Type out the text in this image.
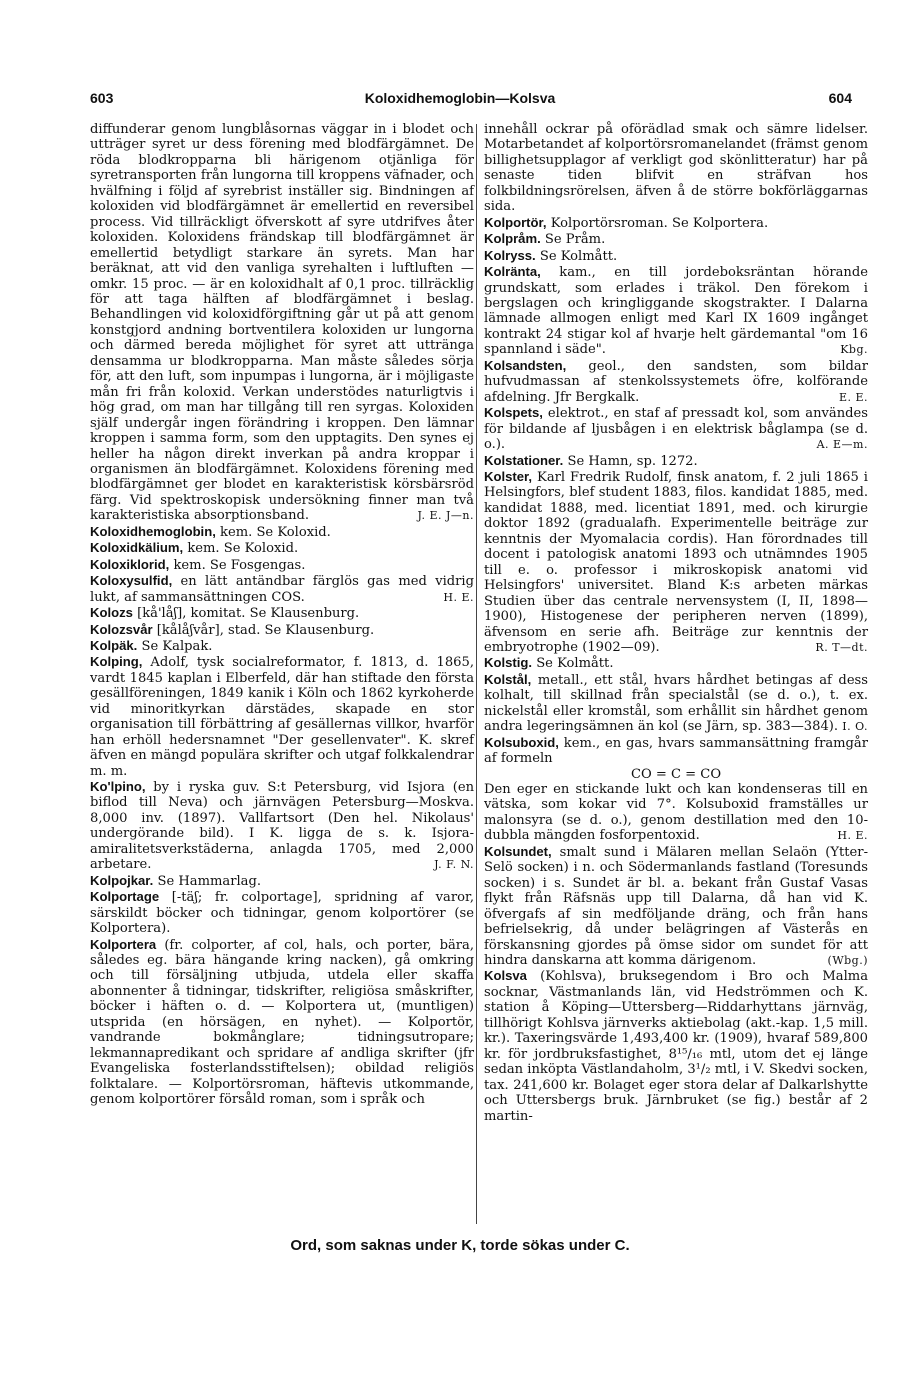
603	Koloxidhemoglobin—Kolsva	604

diffunderar genom lungblåsornas väggar in i blodet och utträger syret ur dess förening med blodfärgämnet. De röda blodkropparna bli härigenom otjänliga för syretransporten från lungorna till kroppens väfnader, och hvälfning i följd af syrebrist inställer sig. Bindningen af koloxiden vid blodfärgämnet är emellertid en reversibel process. Vid tillräckligt öfverskott af syre utdrifves åter koloxiden. Koloxidens frändskap till blodfärgämnet är emellertid betydligt starkare än syrets. Man har beräknat, att vid den vanliga syrehalten i luftluften — omkr. 15 proc. — är en koloxidhalt af 0,1 proc. tillräcklig för att taga hälften af blodfärgämnet i beslag. Behandlingen vid koloxidförgiftning går ut på att genom konstgjord andning bortventilera koloxiden ur lungorna och därmed bereda möjlighet för syret att uttränga densamma ur blodkropparna. Man måste således sörja för, att den luft, som inpumpas i lungorna, är i möjligaste mån fri från koloxid. Verkan understödes naturligtvis i hög grad, om man har tillgång till ren syrgas. Koloxiden själf undergår ingen förändring i kroppen. Den lämnar kroppen i samma form, som den upptagits. Den synes ej heller ha någon direkt inverkan på andra kroppar i organismen än blodfärgämnet. Koloxidens förening med blodfärgämnet ger blodet en karakteristisk körsbärsröd färg. Vid spektroskopisk undersökning finner man två karakteristiska absorptionsband.	J. E. J—n.

Koloxidhemoglobin, kem. Se Koloxid.

Koloxidkälium, kem. Se Koloxid.

Koloxiklorid, kem. Se Fosgengas.

Koloxysulfid, en lätt antändbar färglös gas med vidrig lukt, af sammansättningen COS.	H. E.

Kolozs [kå'låʃ], komitat. Se Klausenburg.

Kolozsvår [kålåʃvår], stad. Se Klausenburg.

Kolpäk. Se Kalpak.

Kolping, Adolf, tysk socialreformator, f. 1813, d. 1865, vardt 1845 kaplan i Elberfeld, där han stiftade den första gesällföreningen, 1849 kanik i Köln och 1862 kyrkoherde vid minoritkyrkan därstädes, skapade en stor organisation till förbättring af gesällernas villkor, hvarför han erhöll hedersnamnet "Der gesellenvater". K. skref äfven en mängd populära skrifter och utgaf folkkalendrar m. m.

Ko'lpino, by i ryska guv. S:t Petersburg, vid Isjora (en biflod till Neva) och järnvägen Petersburg—Moskva. 8,000 inv. (1897). Vallfartsort (Den hel. Nikolaus' undergörande bild). I K. ligga de s. k. Isjora-amiralitetsverkstäderna, anlagda 1705, med 2,000 arbetare.	J. F. N.

Kolpojkar. Se Hammarlag.

Kolportage [-täʃ; fr. colportage], spridning af varor, särskildt böcker och tidningar, genom kolportörer (se Kolportera).

Kolportera (fr. colporter, af col, hals, och porter, bära, således eg. bära hängande kring nacken), gå omkring och till försäljning utbjuda, utdela eller skaffa abonnenter å tidningar, tidskrifter, religiösa småskrifter, böcker i häften o. d. — Kolportera ut, (muntligen) utsprida (en hörsägen, en nyhet). — Kolportör, vandrande bokmånglare; tidningsutropare; lekmannapredikant och spridare af andliga skrifter (jfr Evangeliska fosterlandsstiftelsen); obildad religiös folktalare. — Kolportörsroman, häftevis utkommande, genom kolportörer försåld roman, som i språk och

innehåll ockrar på oförädlad smak och sämre lidelser. Motarbetandet af kolportörsromanelandet (främst genom billighetsupplagor af verkligt god skönlitteratur) har på senaste tiden blifvit en sträfvan hos folkbildningsrörelsen, äfven å de större bokförläggarnas sida.

Kolportör, Kolportörsroman. Se Kolportera.

Kolpråm. Se Pråm.

Kolryss. Se Kolmått.

Kolränta, kam., en till jordeboksräntan hörande grundskatt, som erlades i träkol. Den förekom i bergslagen och kringliggande skogstrakter. I Dalarna lämnade allmogen enligt med Karl IX 1609 ingånget kontrakt 24 stigar kol af hvarje helt gärdemantal "om 16 spannland i säde".	Kbg.

Kolsandsten, geol., den sandsten, som bildar hufvudmassan af stenkolssystemets öfre, kolförande afdelning. Jfr Bergkalk.	E. E.

Kolspets, elektrot., en staf af pressadt kol, som användes för bildande af ljusbågen i en elektrisk båglampa (se d. o.).	A. E—m.

Kolstationer. Se Hamn, sp. 1272.

Kolster, Karl Fredrik Rudolf, finsk anatom, f. 2 juli 1865 i Helsingfors, blef student 1883, filos. kandidat 1885, med. kandidat 1888, med. licentiat 1891, med. och kirurgie doktor 1892 (gradualafh. Experimentelle beiträge zur kenntnis der Myomalacia cordis). Han förordnades till docent i patologisk anatomi 1893 och utnämndes 1905 till e. o. professor i mikroskopisk anatomi vid Helsingfors' universitet. Bland K:s arbeten märkas Studien über das centrale nervensystem (I, II, 1898—1900), Histogenese der peripheren nerven (1899), äfvensom en serie afh. Beiträge zur kenntnis der embryotrophe (1902—09).	R. T—dt.

Kolstig. Se Kolmått.

Kolstål, metall., ett stål, hvars hårdhet betingas af dess kolhalt, till skillnad från specialstål (se d. o.), t. ex. nickelstål eller kromstål, som erhållit sin hårdhet genom andra legeringsämnen än kol (se Järn, sp. 383—384). I. O.

Kolsuboxid, kem., en gas, hvars sammansättning framgår af formeln

CO = C = CO

Den eger en stickande lukt och kan kondenseras till en vätska, som kokar vid 7°. Kolsuboxid framställes ur malonsyra (se d. o.), genom destillation med den 10-dubbla mängden fosforpentoxid.	H. E.

Kolsundet, smalt sund i Mälaren mellan Selaön (Ytter-Selö socken) i n. och Södermanlands fastland (Toresunds socken) i s. Sundet är bl. a. bekant från Gustaf Vasas flykt från Räfsnäs upp till Dalarna, då han vid K. öfvergafs af sin medföljande dräng, och från hans befrielsekrig, då under belägringen af Västerås en förskansning gjordes på ömse sidor om sundet för att hindra danskarna att komma därigenom.	(Wbg.)

Kolsva (Kohlsva), bruksegendom i Bro och Malma socknar, Västmanlands län, vid Hedströmmen och K. station å Köping—Uttersberg—Riddarhyttans järnväg, tillhörigt Kohlsva järnverks aktiebolag (akt.-kap. 1,5 mill. kr.). Taxeringsvärde 1,493,400 kr. (1909), hvaraf 589,800 kr. för jordbruksfastighet, 8¹⁵/₁₆ mtl, utom det ej länge sedan inköpta Västlandaholm, 3¹/₂ mtl, i V. Skedvi socken, tax. 241,600 kr. Bolaget eger stora delar af Dalkarlshytte och Uttersbergs bruk. Järnbruket (se fig.) består af 2 martin-

Ord, som saknas under K, torde sökas under C.
